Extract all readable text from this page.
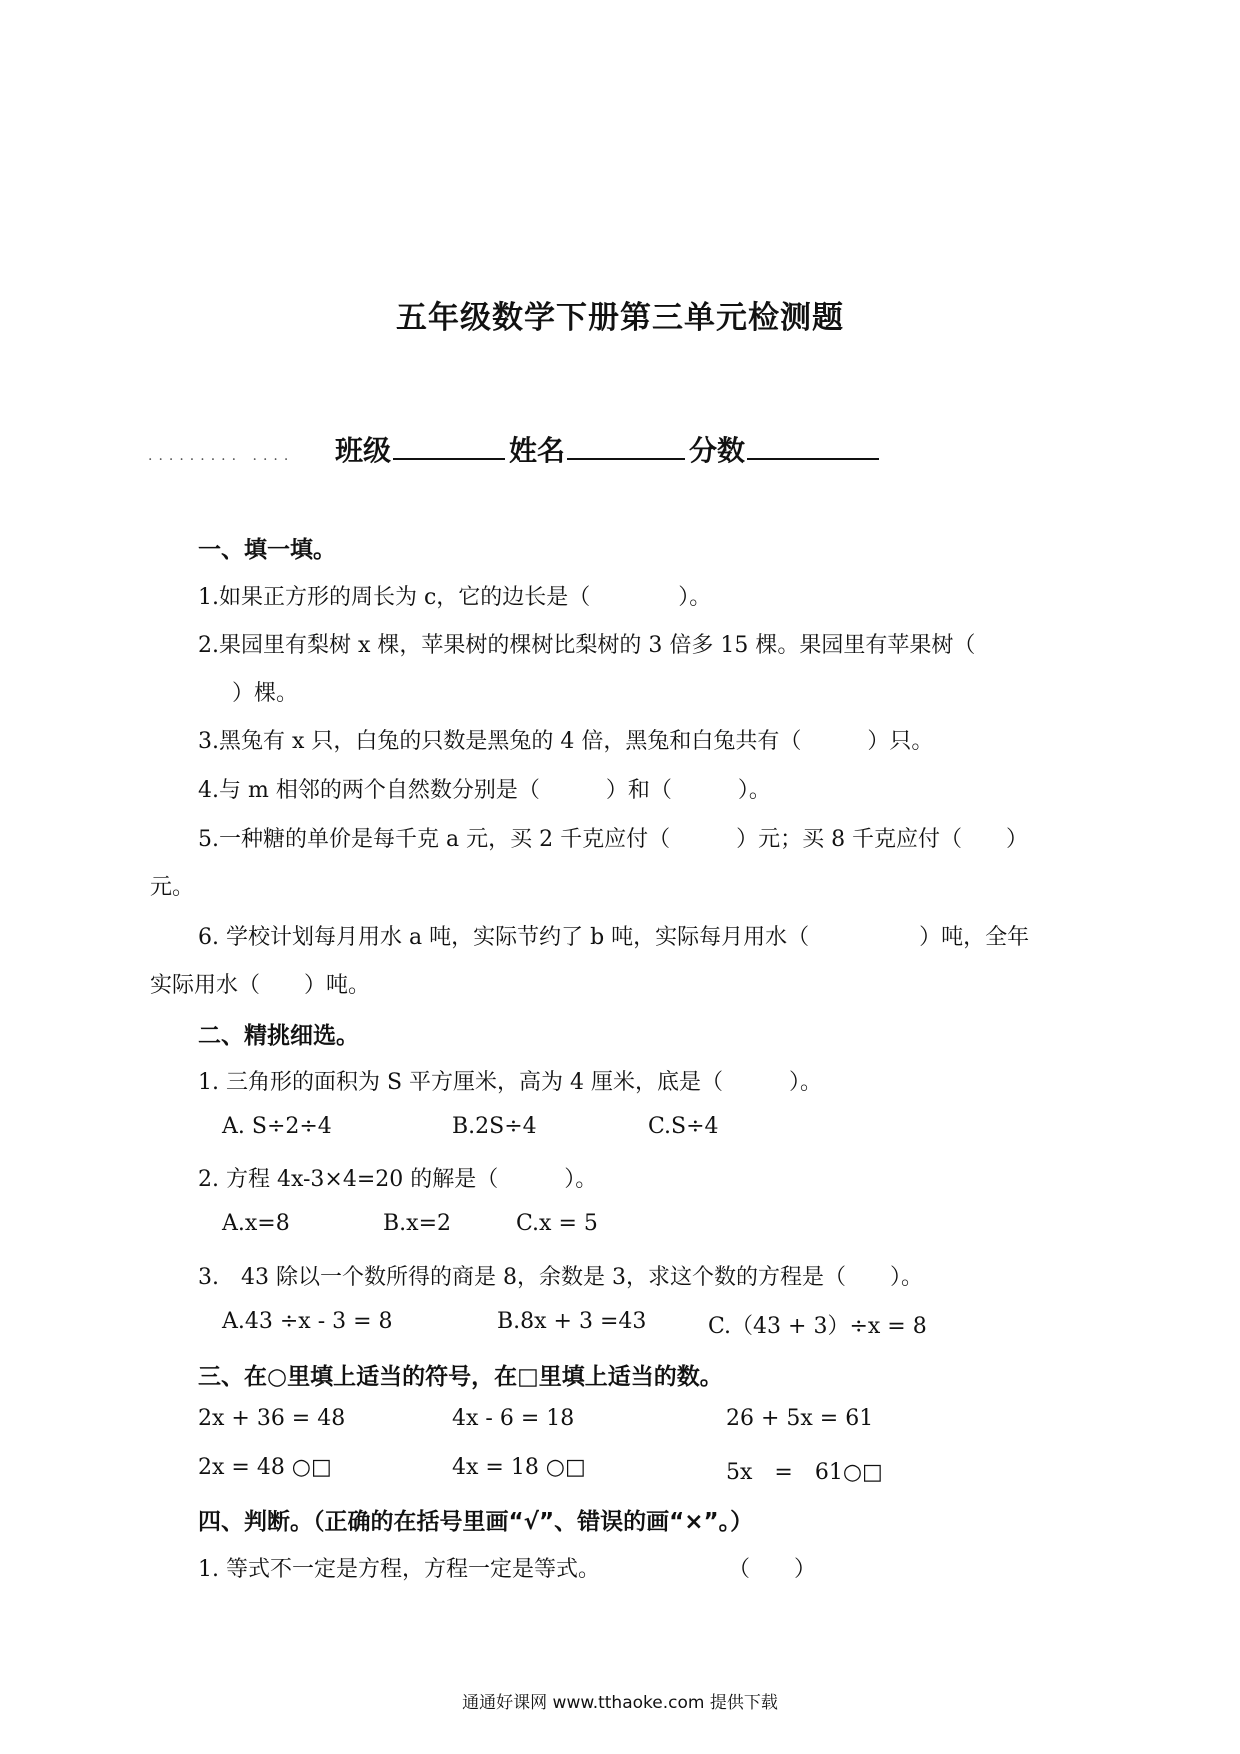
五年级数学下册第三单元检测题
········· ···· 班级	姓名	分数
一、填一填。
1.如果正方形的周长为 c，它的边长是（　　　　）。
2.果园里有梨树 x 棵，苹果树的棵树比梨树的 3 倍多 15 棵。果园里有苹果树（
）棵。
3.黑兔有 x 只，白兔的只数是黑兔的 4 倍，黑兔和白兔共有（　　　）只。
4.与 m 相邻的两个自然数分别是（　　　）和（　　　）。
5.一种糖的单价是每千克 a 元，买 2 千克应付（　　　）元；买 8 千克应付（　　）
元。
6. 学校计划每月用水 a 吨，实际节约了 b 吨，实际每月用水（　　　　　）吨，全年
实际用水（　　）吨。
二、精挑细选。
1. 三角形的面积为 S 平方厘米，高为 4 厘米，底是（　　　）。
A. S÷2÷4	B.2S÷4	C.S÷4
2. 方程 4x-3×4=20 的解是（　　　）。
A.x=8	B.x=2	C.x = 5
3.　43 除以一个数所得的商是 8，余数是 3，求这个数的方程是（　　）。
A.43 ÷x - 3 = 8	B.8x + 3 =43	C.（43 + 3）÷x = 8
三、在○里填上适当的符号，在□里填上适当的数。
2x + 36 = 48	4x - 6 = 18	26 + 5x = 61
2x = 48 ○□	4x = 18 ○□	5x　=　61○□
四、判断。（正确的在括号里画“√”、错误的画“×”。）
1. 等式不一定是方程，方程一定是等式。	（　　）
通通好课网 www.tthaoke.com 提供下载
